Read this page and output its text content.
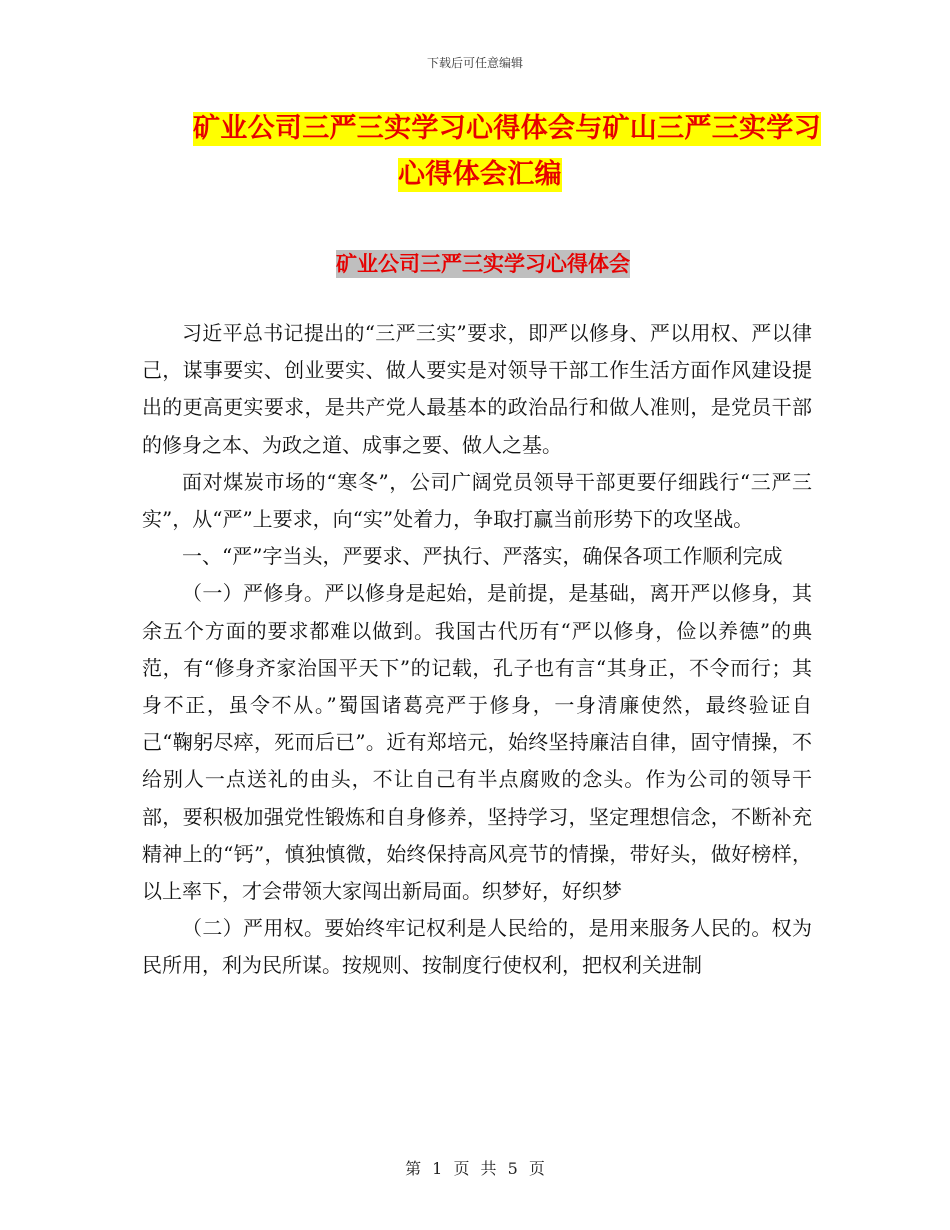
下载后可任意编辑
矿业公司三严三实学习心得体会与矿山三严三实学习
心得体会汇编
矿业公司三严三实学习心得体会

习近平总书记提出的“三严三实”要求，即严以修身、严以用权、严以律己，谋事要实、创业要实、做人要实是对领导干部工作生活方面作风建设提出的更高更实要求，是共产党人最基本的政治品行和做人准则，是党员干部的修身之本、为政之道、成事之要、做人之基。

面对煤炭市场的“寒冬”，公司广阔党员领导干部更要仔细践行“三严三实”，从“严”上要求，向“实”处着力，争取打赢当前形势下的攻坚战。

一、“严”字当头，严要求、严执行、严落实，确保各项工作顺利完成

（一）严修身。严以修身是起始，是前提，是基础，离开严以修身，其余五个方面的要求都难以做到。我国古代历有“严以修身，俭以养德”的典范，有“修身齐家治国平天下”的记载，孔子也有言“其身正，不令而行；其身不正，虽令不从。”蜀国诸葛亮严于修身，一身清廉使然，最终验证自己“鞠躬尽瘁，死而后已”。近有郑培元，始终坚持廉洁自律，固守情操，不给别人一点送礼的由头，不让自己有半点腐败的念头。作为公司的领导干部，要积极加强党性锻炼和自身修养，坚持学习，坚定理想信念，不断补充精神上的“钙”，慎独慎微，始终保持高风亮节的情操，带好头，做好榜样，以上率下，才会带领大家闯出新局面。织梦好，好织梦

（二）严用权。要始终牢记权利是人民给的，是用来服务人民的。权为民所用，利为民所谋。按规则、按制度行使权利，把权利关进制

第 1 页 共 5 页
